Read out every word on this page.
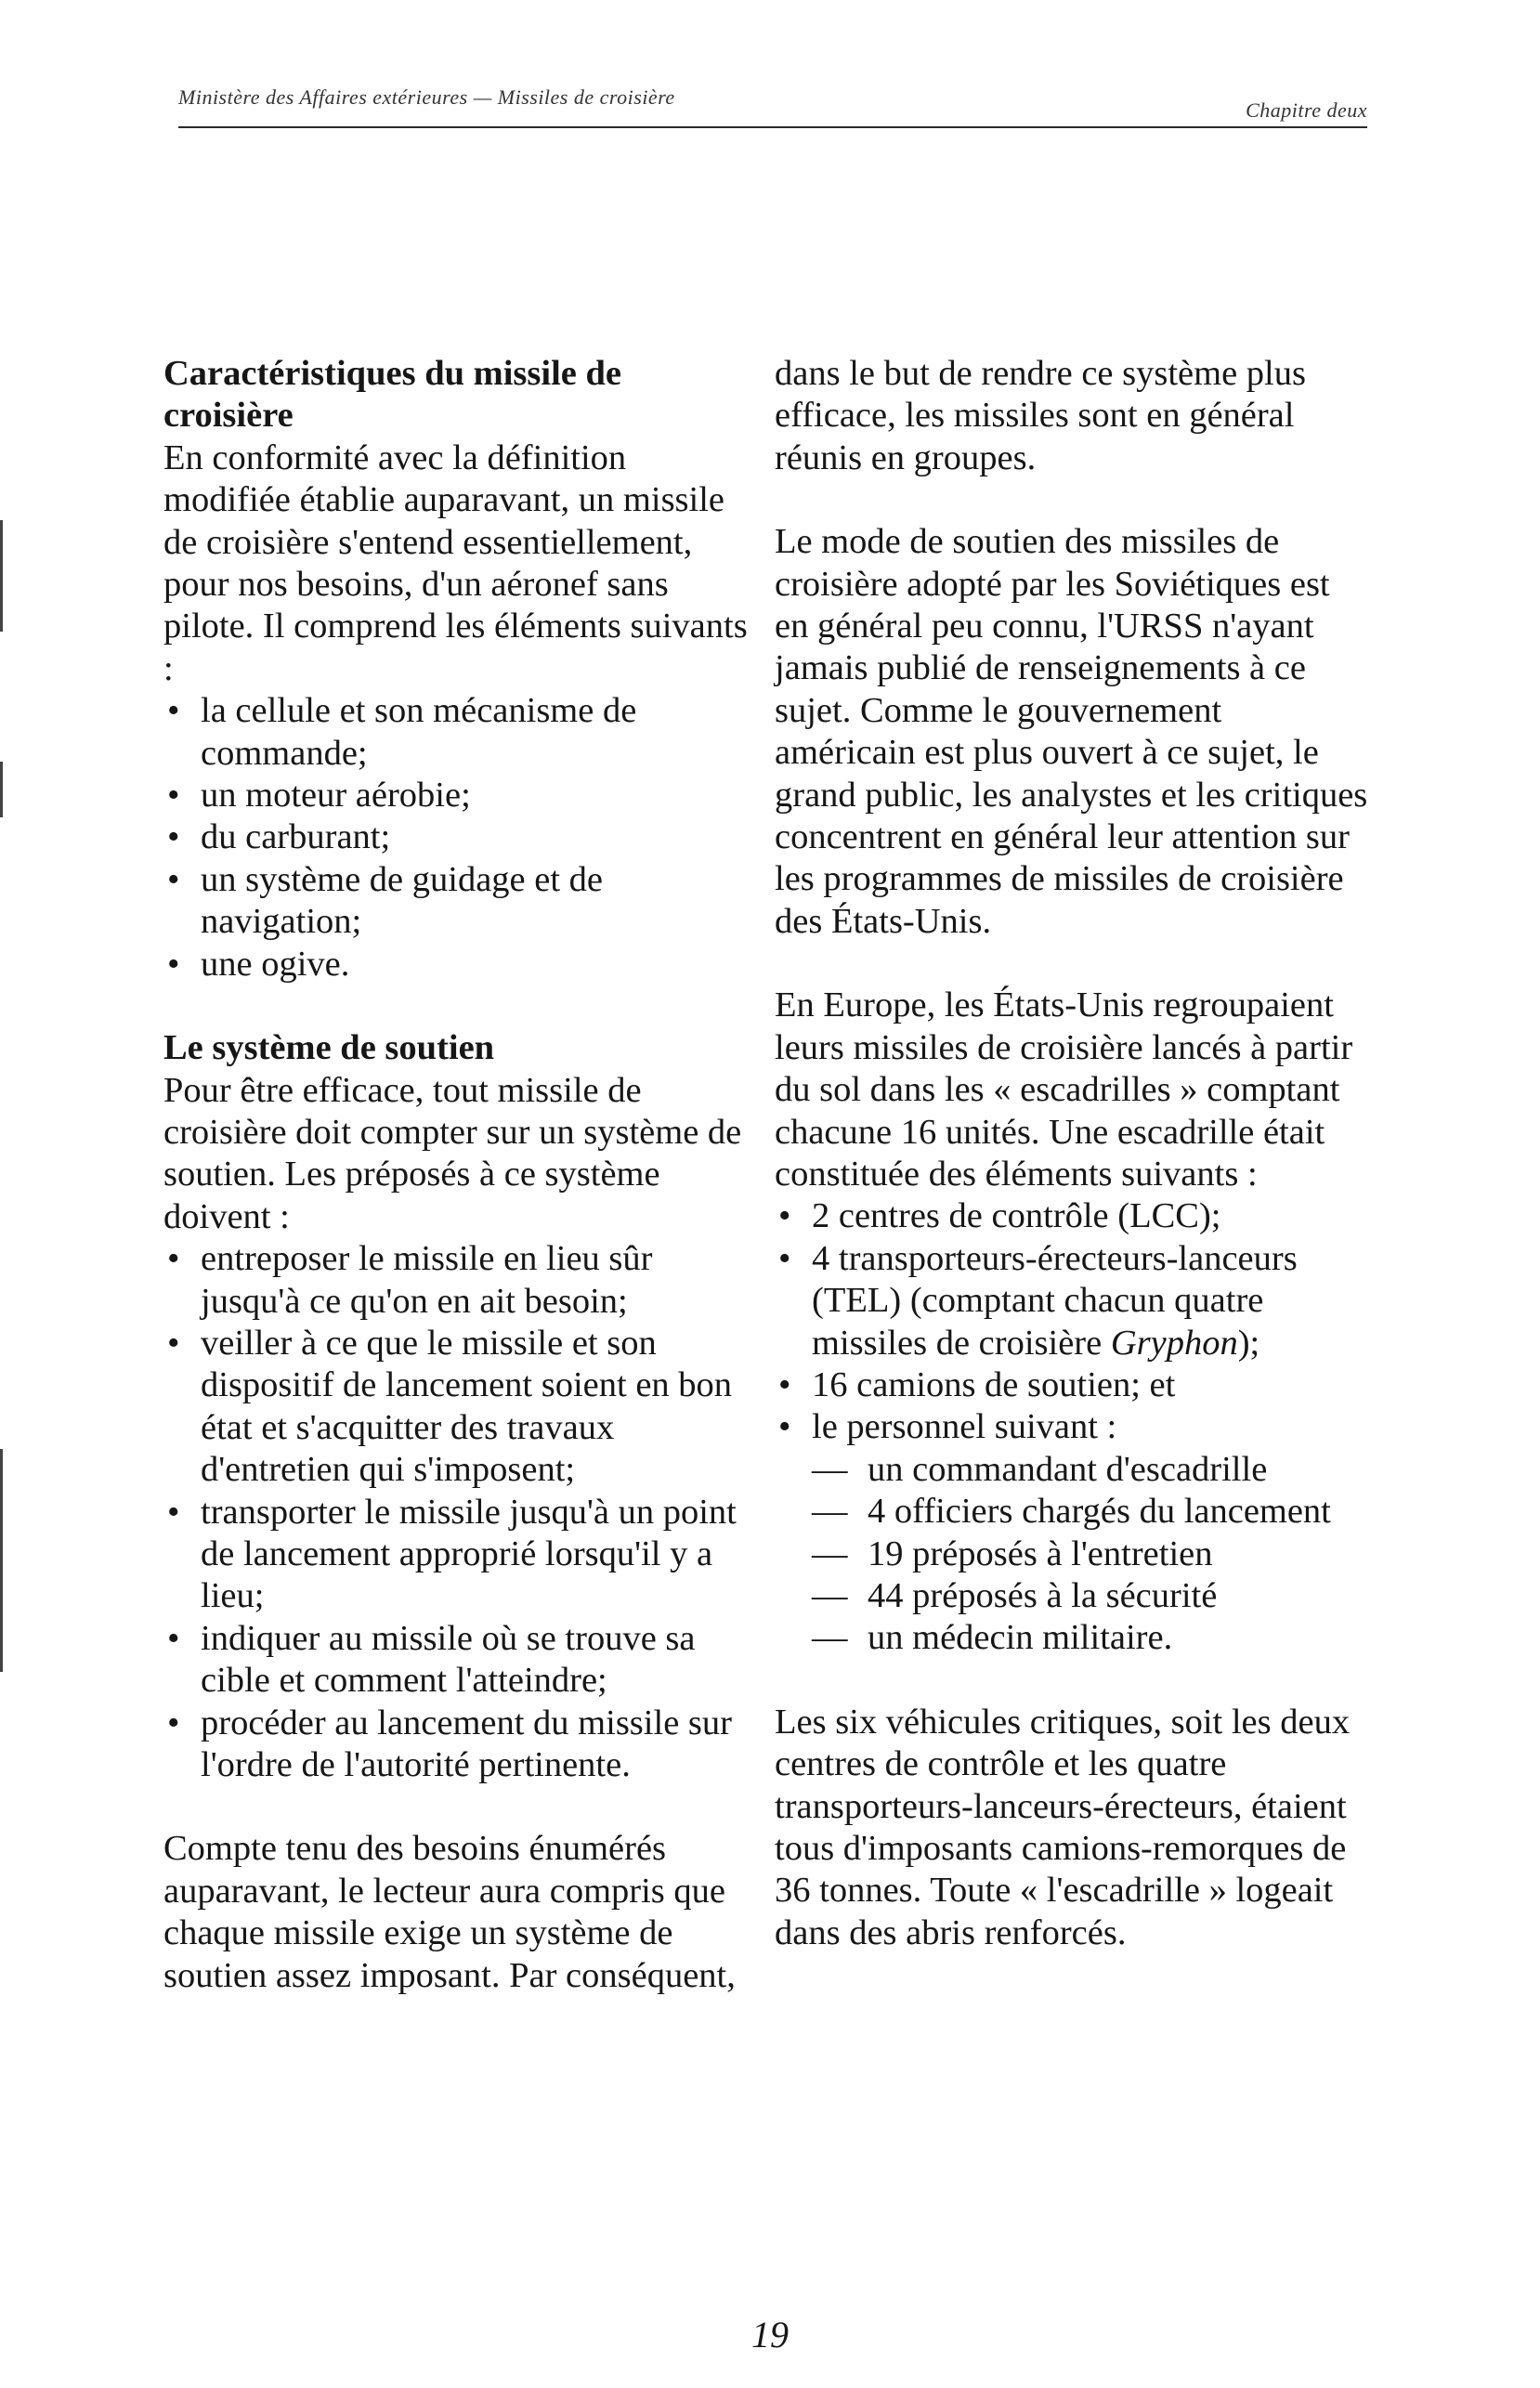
Ministère des Affaires extérieures — Missiles de croisière
Chapitre deux
Caractéristiques du missile de croisière

En conformité avec la définition modifiée établie auparavant, un missile de croisière s'entend essentiellement, pour nos besoins, d'un aéronef sans pilote. Il comprend les éléments suivants :

• la cellule et son mécanisme de commande;
• un moteur aérobie;
• du carburant;
• un système de guidage et de navigation;
• une ogive.
Le système de soutien

Pour être efficace, tout missile de croisière doit compter sur un système de soutien. Les préposés à ce système doivent :

• entreposer le missile en lieu sûr jusqu'à ce qu'on en ait besoin;
• veiller à ce que le missile et son dispositif de lancement soient en bon état et s'acquitter des travaux d'entretien qui s'imposent;
• transporter le missile jusqu'à un point de lancement approprié lorsqu'il y a lieu;
• indiquer au missile où se trouve sa cible et comment l'atteindre;
• procéder au lancement du missile sur l'ordre de l'autorité pertinente.

Compte tenu des besoins énumérés auparavant, le lecteur aura compris que chaque missile exige un système de soutien assez imposant. Par conséquent,

dans le but de rendre ce système plus efficace, les missiles sont en général réunis en groupes.

Le mode de soutien des missiles de croisière adopté par les Soviétiques est en général peu connu, l'URSS n'ayant jamais publié de renseignements à ce sujet. Comme le gouvernement américain est plus ouvert à ce sujet, le grand public, les analystes et les critiques concentrent en général leur attention sur les programmes de missiles de croisière des États-Unis.

En Europe, les États-Unis regroupaient leurs missiles de croisière lancés à partir du sol dans les « escadrilles » comptant chacune 16 unités. Une escadrille était constituée des éléments suivants :

• 2 centres de contrôle (LCC);
• 4 transporteurs-érecteurs-lanceurs (TEL) (comptant chacun quatre missiles de croisière Gryphon);
• 16 camions de soutien; et
• le personnel suivant :
— un commandant d'escadrille
— 4 officiers chargés du lancement
— 19 préposés à l'entretien
— 44 préposés à la sécurité
— un médecin militaire.

Les six véhicules critiques, soit les deux centres de contrôle et les quatre transporteurs-lanceurs-érecteurs, étaient tous d'imposants camions-remorques de 36 tonnes. Toute « l'escadrille » logeait dans des abris renforcés.

19
